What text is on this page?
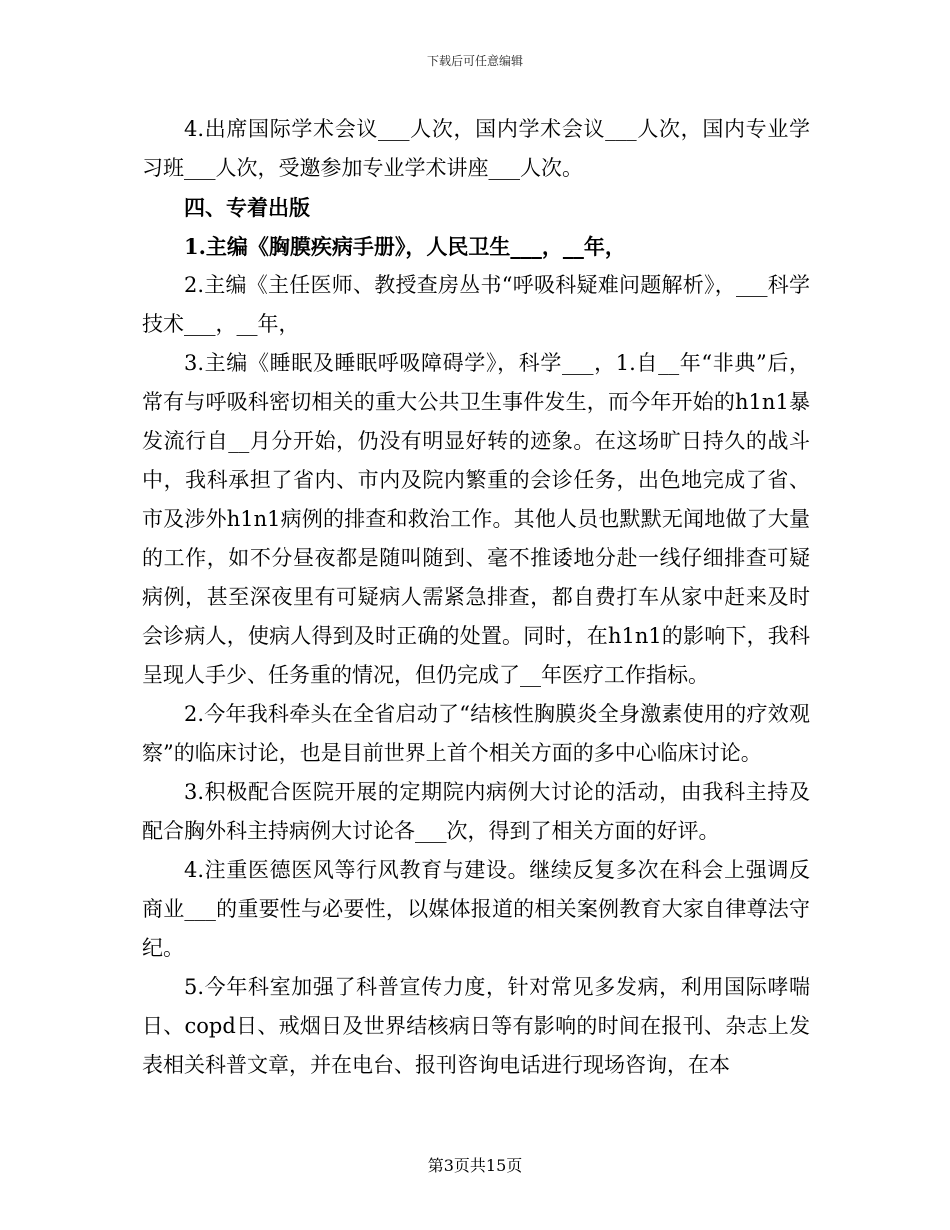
下载后可任意编辑

4.出席国际学术会议___人次，国内学术会议___人次，国内专业学习班___人次，受邀参加专业学术讲座___人次。

四、专着出版

1.主编《胸膜疾病手册》，人民卫生___，__年，

2.主编《主任医师、教授查房丛书“呼吸科疑难问题解析》，___科学技术___，__年，

3.主编《睡眠及睡眠呼吸障碍学》，科学___，1.自__年“非典”后，常有与呼吸科密切相关的重大公共卫生事件发生，而今年开始的h1n1暴发流行自__月分开始，仍没有明显好转的迹象。在这场旷日持久的战斗中，我科承担了省内、市内及院内繁重的会诊任务，出色地完成了省、市及涉外h1n1病例的排查和救治工作。其他人员也默默无闻地做了大量的工作，如不分昼夜都是随叫随到、毫不推诿地分赴一线仔细排查可疑病例，甚至深夜里有可疑病人需紧急排查，都自费打车从家中赶来及时会诊病人，使病人得到及时正确的处置。同时，在h1n1的影响下，我科呈现人手少、任务重的情况，但仍完成了__年医疗工作指标。

2.今年我科牵头在全省启动了“结核性胸膜炎全身激素使用的疗效观察”的临床讨论，也是目前世界上首个相关方面的多中心临床讨论。

3.积极配合医院开展的定期院内病例大讨论的活动，由我科主持及配合胸外科主持病例大讨论各___次，得到了相关方面的好评。

4.注重医德医风等行风教育与建设。继续反复多次在科会上强调反商业___的重要性与必要性，以媒体报道的相关案例教育大家自律尊法守纪。

5.今年科室加强了科普宣传力度，针对常见多发病，利用国际哮喘日、copd日、戒烟日及世界结核病日等有影响的时间在报刊、杂志上发表相关科普文章，并在电台、报刊咨询电话进行现场咨询，在本

第3页共15页
